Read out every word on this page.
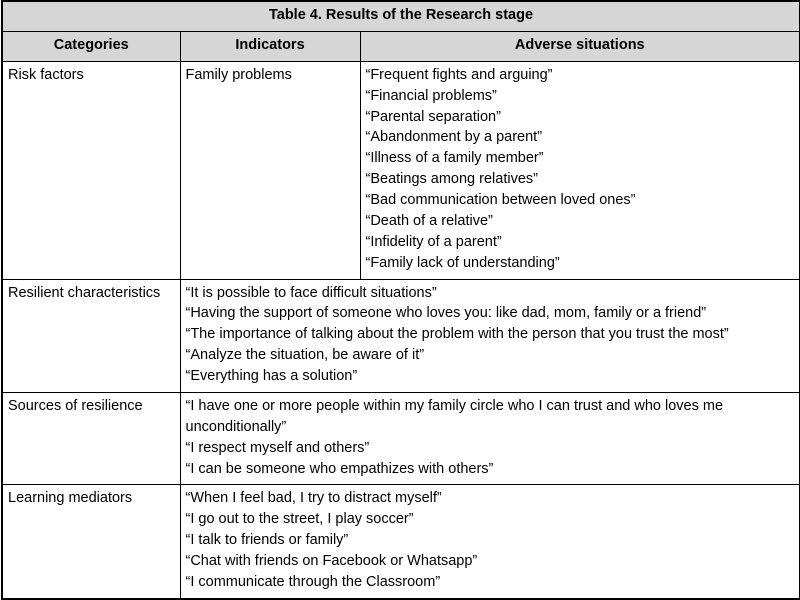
Table 4. Results of the Research stage		
Categories	Indicators	Adverse situations
Risk factors	Family problems	“Frequent fights and arguing”
“Financial problems”
“Parental separation”
“Abandonment by a parent”
“Illness of a family member”
“Beatings among relatives”
“Bad communication between loved ones”
“Death of a relative”
“Infidelity of a parent”
“Family lack of understanding”

Resilient characteristics	“It is possible to face difficult situations”
“Having the support of someone who loves you: like dad, mom, family or a friend”
“The importance of talking about the problem with the person that you trust the most”
“Analyze the situation, be aware of it”
“Everything has a solution”

Sources of resilience	“I have one or more people within my family circle who I can trust and who loves me unconditionally”
“I respect myself and others”
“I can be someone who empathizes with others”

Learning mediators	“When I feel bad, I try to distract myself”
“I go out to the street, I play soccer”
“I talk to friends or family”
“Chat with friends on Facebook or Whatsapp”
“I communicate through the Classroom”
